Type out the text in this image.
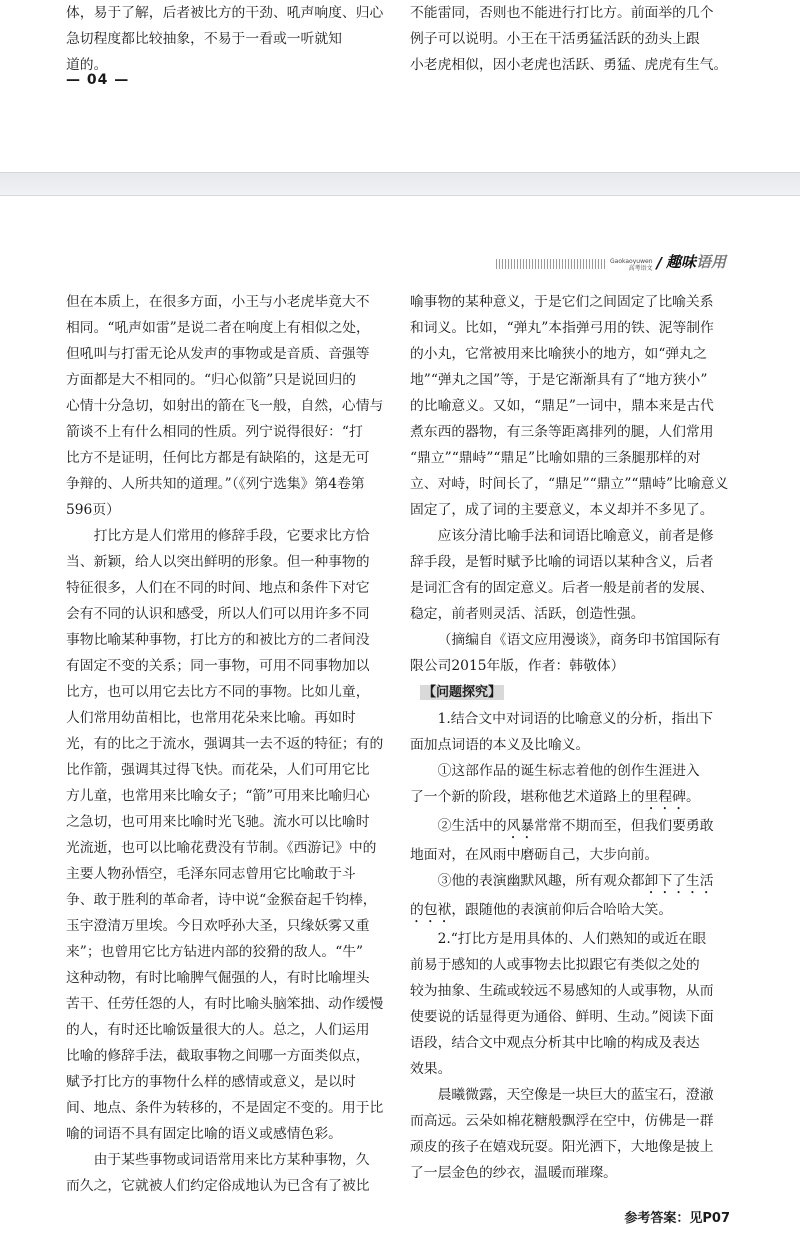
体，易于了解，后者被比方的干劲、吼声响度、归心

急切程度都比较抽象，不易于一看或一听就知

道的。

— 04 —

不能雷同，否则也不能进行打比方。前面举的几个

例子可以说明。小王在干活勇猛活跃的劲头上跟

小老虎相似，因小老虎也活跃、勇猛、虎虎有生气。

Gaokaoyuwen
高考语文 / 趣味语用

但在本质上，在很多方面，小王与小老虎毕竟大不

相同。“吼声如雷”是说二者在响度上有相似之处，

但吼叫与打雷无论从发声的事物或是音质、音强等

方面都是大不相同的。“归心似箭”只是说回归的

心情十分急切，如射出的箭在飞一般，自然，心情与

箭谈不上有什么相同的性质。列宁说得很好：“打

比方不是证明，任何比方都是有缺陷的，这是无可

争辩的、人所共知的道理。”（《列宁选集》第4卷第

596页）

打比方是人们常用的修辞手段，它要求比方恰

当、新颖，给人以突出鲜明的形象。但一种事物的

特征很多，人们在不同的时间、地点和条件下对它

会有不同的认识和感受，所以人们可以用许多不同

事物比喻某种事物，打比方的和被比方的二者间没

有固定不变的关系；同一事物，可用不同事物加以

比方，也可以用它去比方不同的事物。比如儿童，

人们常用幼苗相比，也常用花朵来比喻。再如时

光，有的比之于流水，强调其一去不返的特征；有的

比作箭，强调其过得飞快。而花朵，人们可用它比

方儿童，也常用来比喻女子；“箭”可用来比喻归心

之急切，也可用来比喻时光飞驰。流水可以比喻时

光流逝，也可以比喻花费没有节制。《西游记》中的

主要人物孙悟空，毛泽东同志曾用它比喻敢于斗

争、敢于胜利的革命者，诗中说“金猴奋起千钧棒，

玉宇澄清万里埃。今日欢呼孙大圣，只缘妖雾又重

来”；也曾用它比方钻进内部的狡猾的敌人。“牛”

这种动物，有时比喻脾气倔强的人，有时比喻埋头

苦干、任劳任怨的人，有时比喻头脑笨拙、动作缓慢

的人，有时还比喻饭量很大的人。总之，人们运用

比喻的修辞手法，截取事物之间哪一方面类似点，

赋予打比方的事物什么样的感情或意义，是以时

间、地点、条件为转移的，不是固定不变的。用于比

喻的词语不具有固定比喻的语义或感情色彩。

由于某些事物或词语常用来比方某种事物，久

而久之，它就被人们约定俗成地认为已含有了被比

喻事物的某种意义，于是它们之间固定了比喻关系

和词义。比如，“弹丸”本指弹弓用的铁、泥等制作

的小丸，它常被用来比喻狭小的地方，如“弹丸之

地”“弹丸之国”等，于是它渐渐具有了“地方狭小”

的比喻意义。又如，“鼎足”一词中，鼎本来是古代

煮东西的器物，有三条等距离排列的腿，人们常用

“鼎立”“鼎峙”“鼎足”比喻如鼎的三条腿那样的对

立、对峙，时间长了，“鼎足”“鼎立”“鼎峙”比喻意义

固定了，成了词的主要意义，本义却并不多见了。

应该分清比喻手法和词语比喻意义，前者是修

辞手段，是暂时赋予比喻的词语以某种含义，后者

是词汇含有的固定意义。后者一般是前者的发展、

稳定，前者则灵活、活跃，创造性强。

（摘编自《语文应用漫谈》，商务印书馆国际有

限公司2015年版，作者：韩敬体）

【问题探究】

1.结合文中对词语的比喻意义的分析，指出下

面加点词语的本义及比喻义。

①这部作品的诞生标志着他的创作生涯进入

了一个新的阶段，堪称他艺术道路上的里程碑。

②生活中的风暴常常不期而至，但我们要勇敢

地面对，在风雨中磨砺自己，大步向前。

③他的表演幽默风趣，所有观众都卸下了生活

的包袱，跟随他的表演前仰后合哈哈大笑。

2.“打比方是用具体的、人们熟知的或近在眼

前易于感知的人或事物去比拟跟它有类似之处的

较为抽象、生疏或较远不易感知的人或事物，从而

使要说的话显得更为通俗、鲜明、生动。”阅读下面

语段，结合文中观点分析其中比喻的构成及表达

效果。

晨曦微露，天空像是一块巨大的蓝宝石，澄澈

而高远。云朵如棉花糖般飘浮在空中，仿佛是一群

顽皮的孩子在嬉戏玩耍。阳光洒下，大地像是披上

了一层金色的纱衣，温暖而璀璨。

参考答案：见P07
